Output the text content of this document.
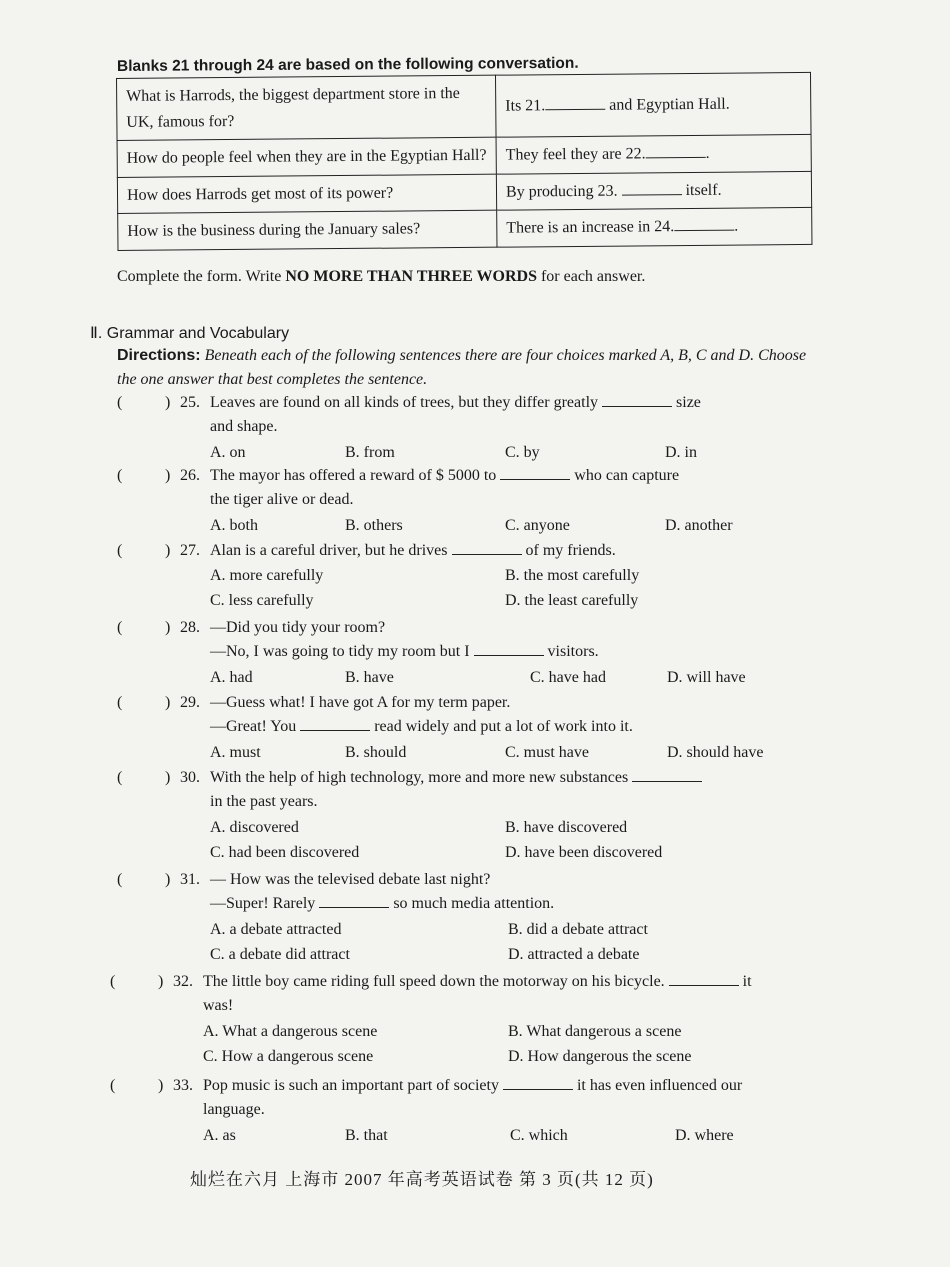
Blanks 21 through 24 are based on the following conversation.
What is Harrods, the biggest department store in the UK, famous for?	Its 21. and Egyptian Hall.
How do people feel when they are in the Egyptian Hall?	They feel they are 22. .
How does Harrods get most of its power?	By producing 23. itself.
How is the business during the January sales?	There is an increase in 24. .
Complete the form. Write NO MORE THAN THREE WORDS for each answer.
Ⅱ. Grammar and Vocabulary
Directions: Beneath each of the following sentences there are four choices marked A, B, C and D. Choose the one answer that best completes the sentence.
(	) 25. Leaves are found on all kinds of trees, but they differ greatly	size
and shape.
A. on	B. from	C. by	D. in
(	) 26. The mayor has offered a reward of $ 5000 to	who can capture
the tiger alive or dead.
A. both	B. others	C. anyone	D. another
(	) 27. Alan is a careful driver, but he drives	of my friends.
A. more carefully	B. the most carefully
C. less carefully	D. the least carefully
(	) 28. —Did you tidy your room?
—No, I was going to tidy my room but I	visitors.
A. had	B. have	C. have had	D. will have
(	) 29. —Guess what! I have got A for my term paper.
—Great! You	read widely and put a lot of work into it.
A. must	B. should	C. must have	D. should have
(	) 30. With the help of high technology, more and more new substances
in the past years.
A. discovered	B. have discovered
C. had been discovered	D. have been discovered
(	) 31. — How was the televised debate last night?
—Super! Rarely	so much media attention.
A. a debate attracted	B. did a debate attract
C. a debate did attract	D. attracted a debate
(	) 32. The little boy came riding full speed down the motorway on his bicycle.	it
was!
A. What a dangerous scene	B. What dangerous a scene
C. How a dangerous scene	D. How dangerous the scene
(	) 33. Pop music is such an important part of society	it has even influenced our
language.
A. as	B. that	C. which	D. where
灿烂在六月 上海市 2007 年高考英语试卷 第 3 页(共 12 页)
